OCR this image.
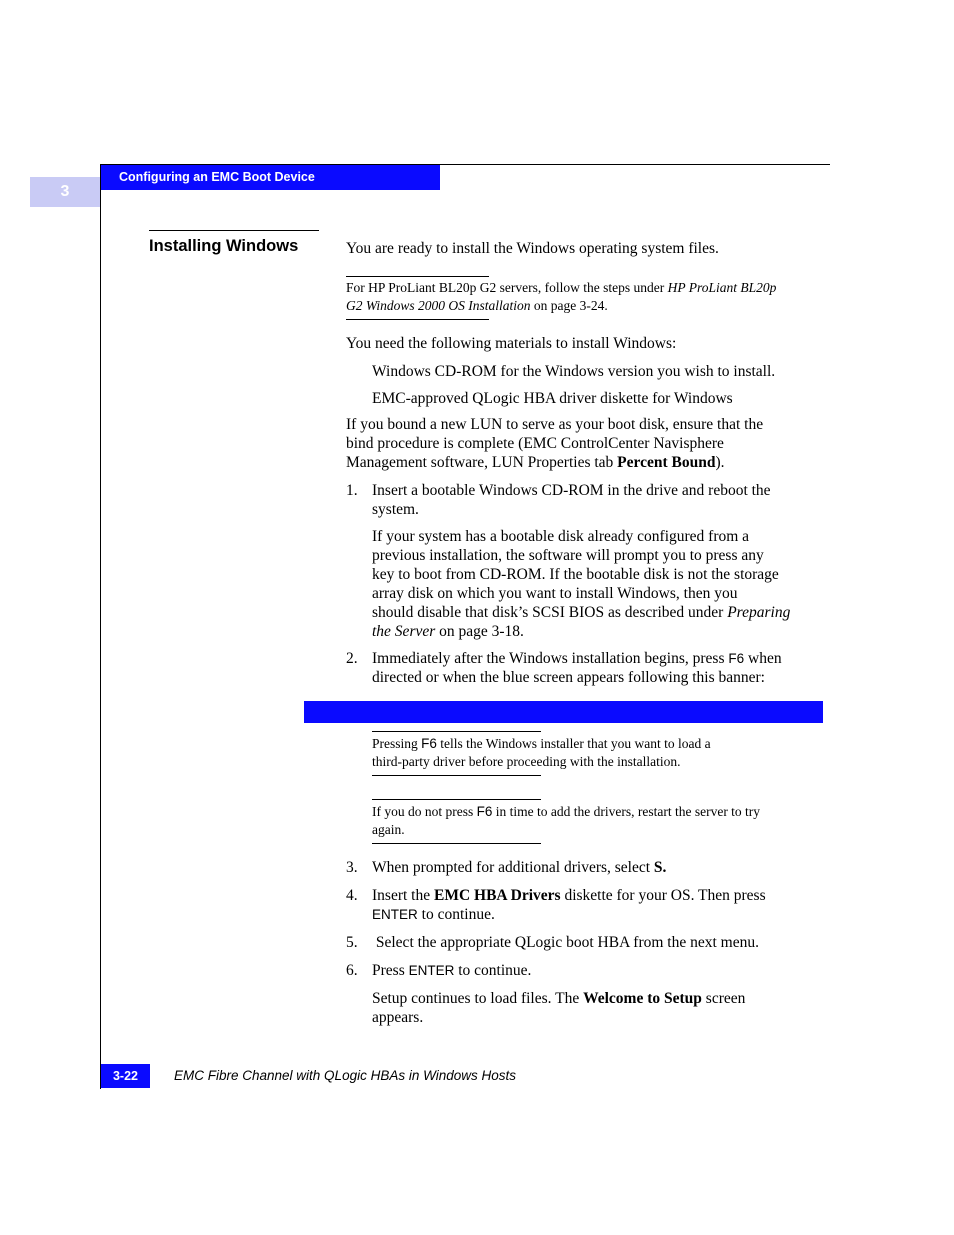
Configuring an EMC Boot Device
3
Installing Windows	You are ready to install the Windows operating system files.
For HP ProLiant BL20p G2 servers, follow the steps under HP ProLiant BL20p
G2 Windows 2000 OS Installation on page 3-24.
You need the following materials to install Windows:
Windows CD-ROM for the Windows version you wish to install.
EMC-approved QLogic HBA driver diskette for Windows
If you bound a new LUN to serve as your boot disk, ensure that the
bind procedure is complete (EMC ControlCenter Navisphere
Management software, LUN Properties tab Percent Bound).
1. Insert a bootable Windows CD-ROM in the drive and reboot the
system.
If your system has a bootable disk already configured from a
previous installation, the software will prompt you to press any
key to boot from CD-ROM. If the bootable disk is not the storage
array disk on which you want to install Windows, then you
should disable that disk’s SCSI BIOS as described under Preparing
the Server on page 3-18.
2. Immediately after the Windows installation begins, press F6 when
directed or when the blue screen appears following this banner:
Pressing F6 tells the Windows installer that you want to load a
third-party driver before proceeding with the installation.
If you do not press F6 in time to add the drivers, restart the server to try
again.
3. When prompted for additional drivers, select S.
4. Insert the EMC HBA Drivers diskette for your OS. Then press
ENTER to continue.
5. Select the appropriate QLogic boot HBA from the next menu.
6. Press ENTER to continue.
Setup continues to load files. The Welcome to Setup screen
appears.
3-22	EMC Fibre Channel with QLogic HBAs in Windows Hosts
